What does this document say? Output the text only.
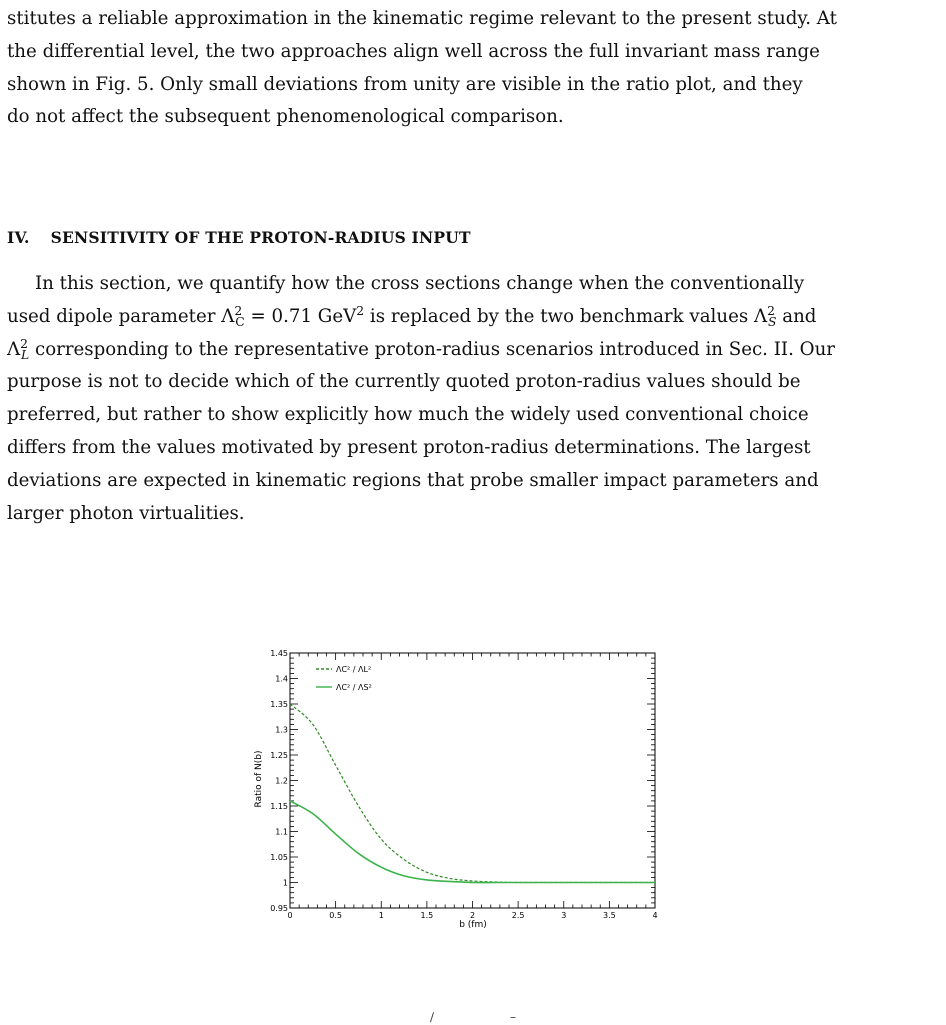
stitutes a reliable approximation in the kinematic regime relevant to the present study. At
the differential level, the two approaches align well across the full invariant mass range
shown in Fig. 5. Only small deviations from unity are visible in the ratio plot, and they
do not affect the subsequent phenomenological comparison.
IV. SENSITIVITY OF THE PROTON-RADIUS INPUT
In this section, we quantify how the cross sections change when the conventionally
used dipole parameter $\Lambda^2_C = 0.71$ GeV$^2$ is replaced by the two benchmark values $\Lambda^2_S$ and
$\Lambda^2_L$ corresponding to the representative proton-radius scenarios introduced in Sec. II. Our
purpose is not to decide which of the currently quoted proton-radius values should be
preferred, but rather to show explicitly how much the widely used conventional choice
differs from the values motivated by present proton-radius determinations. The largest
deviations are expected in kinematic regions that probe smaller impact parameters and
larger photon virtualities.
0	0.5	1	1.5	2	2.5	3	3.5	4
0.95
1
1.05
1.1
1.15
1.2
1.25
1.3
1.35
1.4
1.45
ΛC² / ΛL²
ΛC² / ΛS²
b (fm)
Ratio of N(b)
∕	–
